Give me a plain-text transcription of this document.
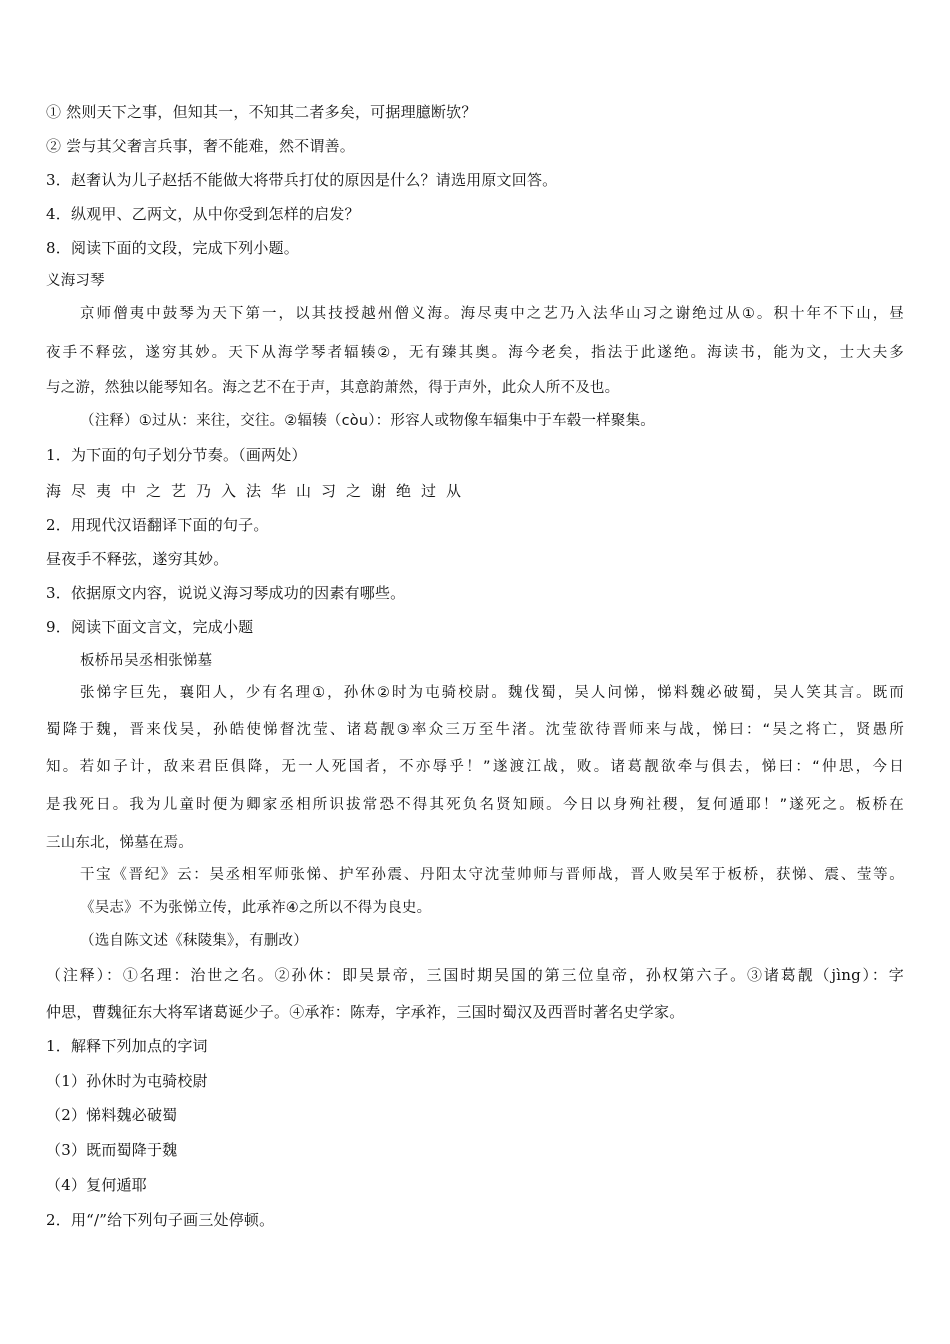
① 然则天下之事，但知其一，不知其二者多矣，可据理臆断欤？
② 尝与其父奢言兵事，奢不能难，然不谓善。
3．赵奢认为儿子赵括不能做大将带兵打仗的原因是什么？请选用原文回答。
4．纵观甲、乙两文，从中你受到怎样的启发？
8．阅读下面的文段，完成下列小题。
义海习琴
京师僧夷中鼓琴为天下第一，以其技授越州僧义海。海尽夷中之艺乃入法华山习之谢绝过从①。积十年不下山，昼
夜手不释弦，遂穷其妙。天下从海学琴者辐辏②，无有臻其奥。海今老矣，指法于此遂绝。海读书，能为文，士大夫多
与之游，然独以能琴知名。海之艺不在于声，其意韵萧然，得于声外，此众人所不及也。
（注释）①过从：来往，交往。②辐辏（còu）：形容人或物像车辐集中于车毂一样聚集。
1．为下面的句子划分节奏。（画两处）
海尽夷中之艺乃入法华山习之谢绝过从
2．用现代汉语翻译下面的句子。
昼夜手不释弦，遂穷其妙。
3．依据原文内容，说说义海习琴成功的因素有哪些。
9．阅读下面文言文，完成小题
板桥吊吴丞相张悌墓
张悌字巨先，襄阳人，少有名理①，孙休②时为屯骑校尉。魏伐蜀，吴人问悌，悌料魏必破蜀，吴人笑其言。既而
蜀降于魏，晋来伐吴，孙皓使悌督沈莹、诸葛靓③率众三万至牛渚。沈莹欲待晋师来与战，悌曰：“吴之将亡，贤愚所
知。若如子计，敌来君臣俱降，无一人死国者，不亦辱乎！”遂渡江战，败。诸葛靓欲牵与俱去，悌曰：“仲思，今日
是我死日。我为儿童时便为卿家丞相所识拔常恐不得其死负名贤知顾。今日以身殉社稷，复何遁耶！”遂死之。板桥在
三山东北，悌墓在焉。
干宝《晋纪》云：吴丞相军师张悌、护军孙震、丹阳太守沈莹帅师与晋师战，晋人败吴军于板桥，获悌、震、莹等。
《吴志》不为张悌立传，此承祚④之所以不得为良史。
（选自陈文述《秣陵集》，有删改）
（注释）：①名理：治世之名。②孙休：即吴景帝，三国时期吴国的第三位皇帝，孙权第六子。③诸葛靓（jìng）：字
仲思，曹魏征东大将军诸葛诞少子。④承祚：陈寿，字承祚，三国时蜀汉及西晋时著名史学家。
1．解释下列加点的字词
（1）孙休时为屯骑校尉
（2）悌料魏必破蜀
（3）既而蜀降于魏
（4）复何遁耶
2．用“/”给下列句子画三处停顿。
